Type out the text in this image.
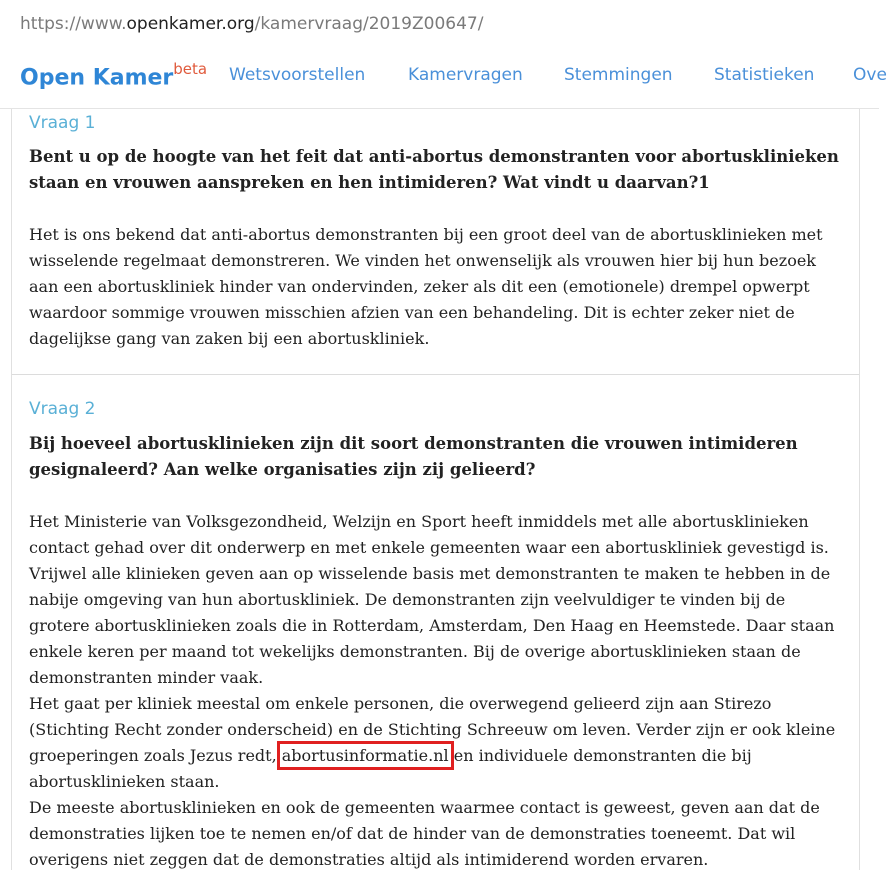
https://www.openkamer.org/kamervraag/2019Z00647/
Open Kamer$^{beta}$ Wetsvoorstellen	Kamervragen Stemmingen Statistieken Ove
Vraag 1
Bent u op de hoogte van het feit dat anti-abortus demonstranten voor abortusklinieken staan en vrouwen aanspreken en hen intimideren? Wat vindt u daarvan?1
Het is ons bekend dat anti-abortus demonstranten bij een groot deel van de abortusklinieken met wisselende regelmaat demonstreren. We vinden het onwenselijk als vrouwen hier bij hun bezoek aan een abortuskliniek hinder van ondervinden, zeker als dit een (emotionele) drempel opwerpt waardoor sommige vrouwen misschien afzien van een behandeling. Dit is echter zeker niet de dagelijkse gang van zaken bij een abortuskliniek.
Vraag 2
Bij hoeveel abortusklinieken zijn dit soort demonstranten die vrouwen intimideren gesignaleerd? Aan welke organisaties zijn zij gelieerd?

Het Ministerie van Volksgezondheid, Welzijn en Sport heeft inmiddels met alle abortusklinieken contact gehad over dit onderwerp en met enkele gemeenten waar een abortuskliniek gevestigd is. Vrijwel alle klinieken geven aan op wisselende basis met demonstranten te maken te hebben in de nabije omgeving van hun abortuskliniek. De demonstranten zijn veelvuldiger te vinden bij de grotere abortusklinieken zoals die in Rotterdam, Amsterdam, Den Haag en Heemstede. Daar staan enkele keren per maand tot wekelijks demonstranten. Bij de overige abortusklinieken staan de demonstranten minder vaak.

Het gaat per kliniek meestal om enkele personen, die overwegend gelieerd zijn aan Stirezo (Stichting Recht zonder onderscheid) en de Stichting Schreeuw om leven. Verder zijn er ook kleine groeperingen zoals Jezus redt, abortusinformatie.nl en individuele demonstranten die bij abortusklinieken staan.

De meeste abortusklinieken en ook de gemeenten waarmee contact is geweest, geven aan dat de demonstraties lijken toe te nemen en/of dat de hinder van de demonstraties toeneemt. Dat wil overigens niet zeggen dat de demonstraties altijd als intimiderend worden ervaren.
